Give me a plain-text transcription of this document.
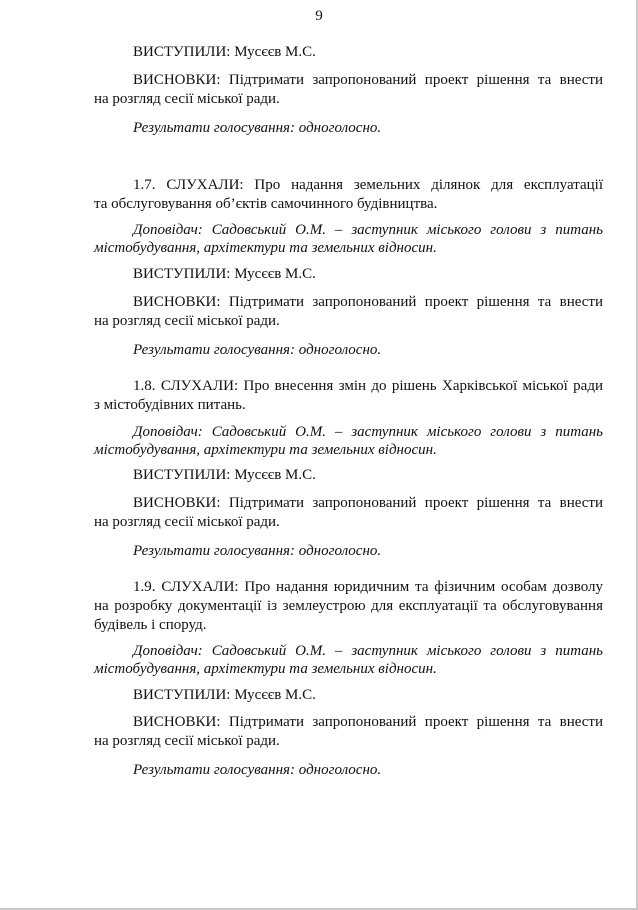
9
ВИСТУПИЛИ: Мусєєв М.С.
ВИСНОВКИ: Підтримати запропонований проект рішення та внести
на розгляд сесії міської ради.
Результати голосування: одноголосно.
1.7. СЛУХАЛИ: Про надання земельних ділянок для експлуатації
та обслуговування об’єктів самочинного будівництва.
Доповідач: Садовський О.М. – заступник міського голови з питань
містобудування, архітектури та земельних відносин.
ВИСТУПИЛИ: Мусєєв М.С.
ВИСНОВКИ: Підтримати запропонований проект рішення та внести
на розгляд сесії міської ради.
Результати голосування: одноголосно.
1.8. СЛУХАЛИ: Про внесення змін до рішень Харківської міської ради
з містобудівних питань.
Доповідач: Садовський О.М. – заступник міського голови з питань
містобудування, архітектури та земельних відносин.
ВИСТУПИЛИ: Мусєєв М.С.
ВИСНОВКИ: Підтримати запропонований проект рішення та внести
на розгляд сесії міської ради.
Результати голосування: одноголосно.
1.9. СЛУХАЛИ: Про надання юридичним та фізичним особам дозволу
на розробку документації із землеустрою для експлуатації та обслуговування
будівель і споруд.
Доповідач: Садовський О.М. – заступник міського голови з питань
містобудування, архітектури та земельних відносин.
ВИСТУПИЛИ: Мусєєв М.С.
ВИСНОВКИ: Підтримати запропонований проект рішення та внести
на розгляд сесії міської ради.
Результати голосування: одноголосно.
